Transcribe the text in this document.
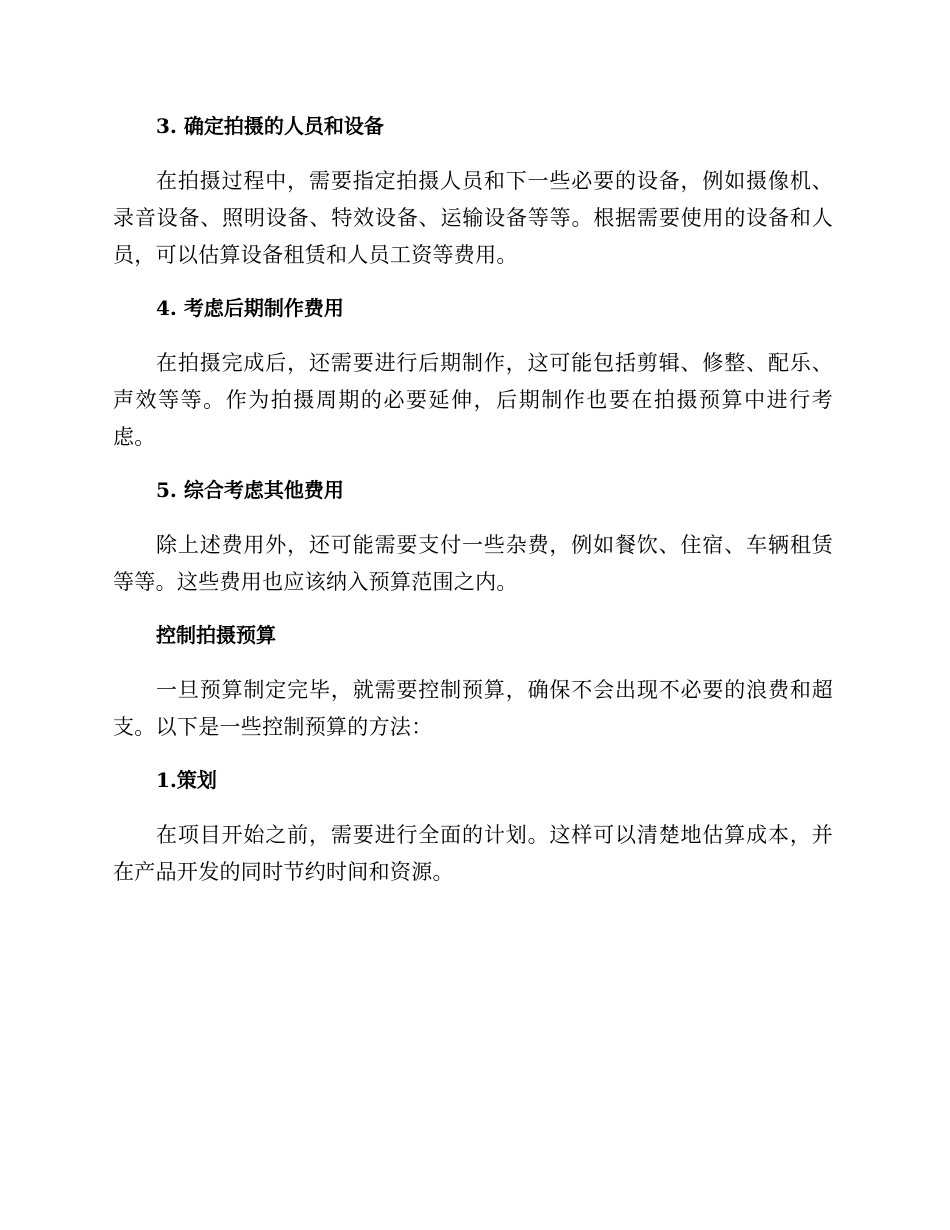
3. 确定拍摄的人员和设备

在拍摄过程中，需要指定拍摄人员和下一些必要的设备，例如摄像机、录音设备、照明设备、特效设备、运输设备等等。根据需要使用的设备和人员，可以估算设备租赁和人员工资等费用。

4. 考虑后期制作费用

在拍摄完成后，还需要进行后期制作，这可能包括剪辑、修整、配乐、声效等等。作为拍摄周期的必要延伸，后期制作也要在拍摄预算中进行考虑。

5. 综合考虑其他费用

除上述费用外，还可能需要支付一些杂费，例如餐饮、住宿、车辆租赁等等。这些费用也应该纳入预算范围之内。

控制拍摄预算

一旦预算制定完毕，就需要控制预算，确保不会出现不必要的浪费和超支。以下是一些控制预算的方法：

1.策划

在项目开始之前，需要进行全面的计划。这样可以清楚地估算成本，并在产品开发的同时节约时间和资源。
